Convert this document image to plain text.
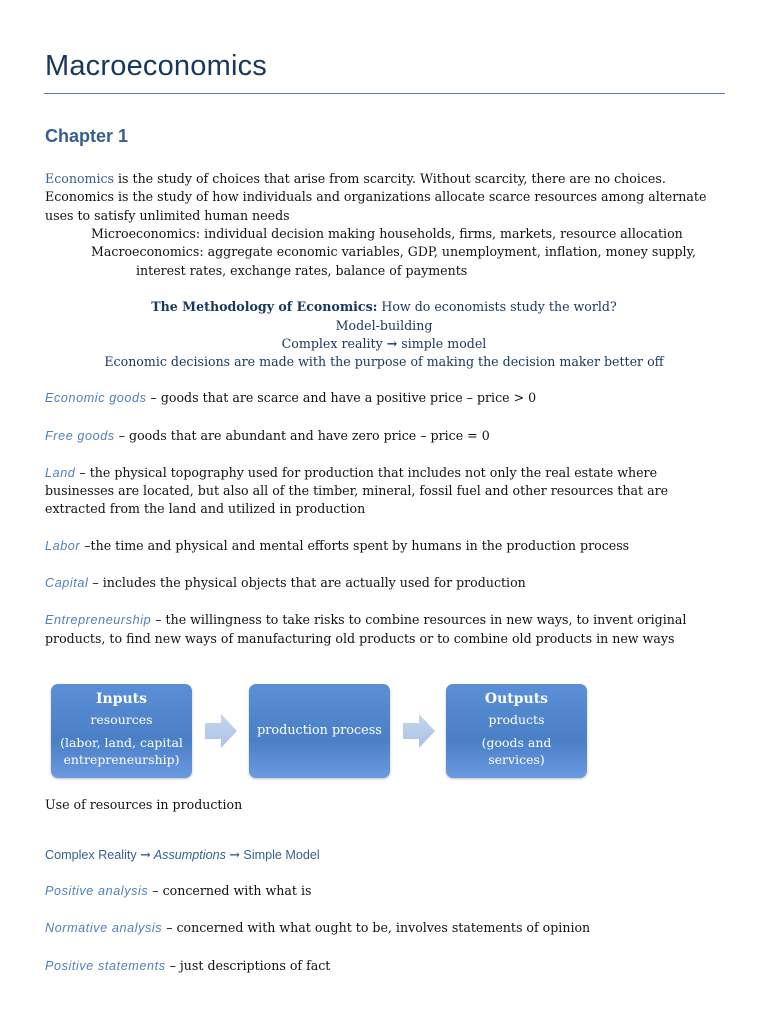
Macroeconomics
Chapter 1
Economics is the study of choices that arise from scarcity. Without scarcity, there are no choices.
Economics is the study of how individuals and organizations allocate scarce resources among alternate
uses to satisfy unlimited human needs
Microeconomics: individual decision making households, firms, markets, resource allocation
Macroeconomics: aggregate economic variables, GDP, unemployment, inflation, money supply,
interest rates, exchange rates, balance of payments
The Methodology of Economics: How do economists study the world?
Model-building
Complex reality → simple model
Economic decisions are made with the purpose of making the decision maker better off
Economic goods – goods that are scarce and have a positive price – price > 0
Free goods – goods that are abundant and have zero price – price = 0
Land – the physical topography used for production that includes not only the real estate where
businesses are located, but also all of the timber, mineral, fossil fuel and other resources that are
extracted from the land and utilized in production
Labor –the time and physical and mental efforts spent by humans in the production process
Capital – includes the physical objects that are actually used for production
Entrepreneurship – the willingness to take risks to combine resources in new ways, to invent original
products, to find new ways of manufacturing old products or to combine old products in new ways
Inputs
resources
(labor, land, capital
entrepreneurship)
production process
Outputs
products
(goods and
services)
Use of resources in production
Complex Reality → Assumptions → Simple Model
Positive analysis – concerned with what is
Normative analysis – concerned with what ought to be, involves statements of opinion
Positive statements – just descriptions of fact
